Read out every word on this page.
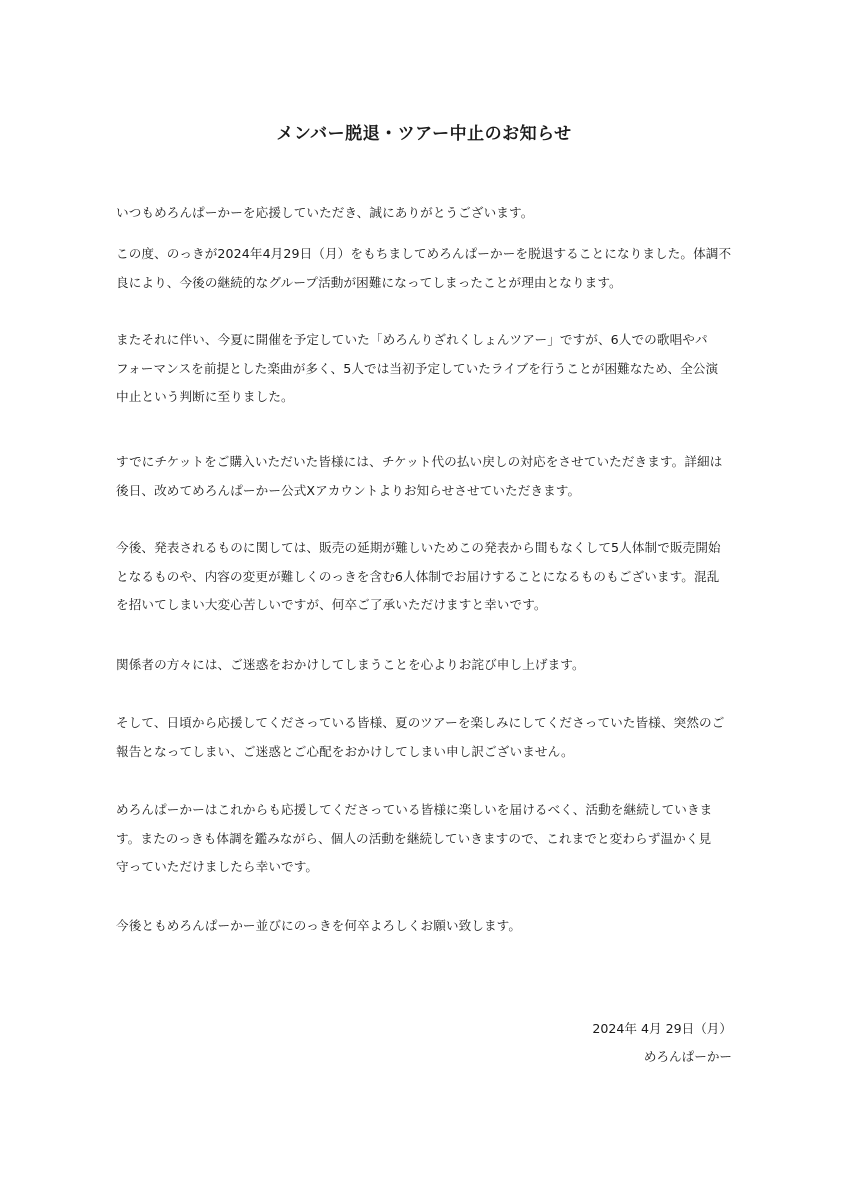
メンバー脱退・ツアー中止のお知らせ

いつもめろんぱーかーを応援していただき、誠にありがとうございます。

この度、のっきが2024年4月29日（月）をもちましてめろんぱーかーを脱退することになりました。体調不
良により、今後の継続的なグループ活動が困難になってしまったことが理由となります。

またそれに伴い、今夏に開催を予定していた「めろんりざれくしょんツアー」ですが、6人での歌唱やパ
フォーマンスを前提とした楽曲が多く、5人では当初予定していたライブを行うことが困難なため、全公演
中止という判断に至りました。

すでにチケットをご購入いただいた皆様には、チケット代の払い戻しの対応をさせていただきます。詳細は
後日、改めてめろんぱーかー公式Xアカウントよりお知らせさせていただきます。

今後、発表されるものに関しては、販売の延期が難しいためこの発表から間もなくして5人体制で販売開始
となるものや、内容の変更が難しくのっきを含む6人体制でお届けすることになるものもございます。混乱
を招いてしまい大変心苦しいですが、何卒ご了承いただけますと幸いです。

関係者の方々には、ご迷惑をおかけしてしまうことを心よりお詫び申し上げます。

そして、日頃から応援してくださっている皆様、夏のツアーを楽しみにしてくださっていた皆様、突然のご
報告となってしまい、ご迷惑とご心配をおかけしてしまい申し訳ございません。

めろんぱーかーはこれからも応援してくださっている皆様に楽しいを届けるべく、活動を継続していきま
す。またのっきも体調を鑑みながら、個人の活動を継続していきますので、これまでと変わらず温かく見
守っていただけましたら幸いです。

今後ともめろんぱーかー並びにのっきを何卒よろしくお願い致します。

2024年 4月 29日（月）

めろんぱーかー
